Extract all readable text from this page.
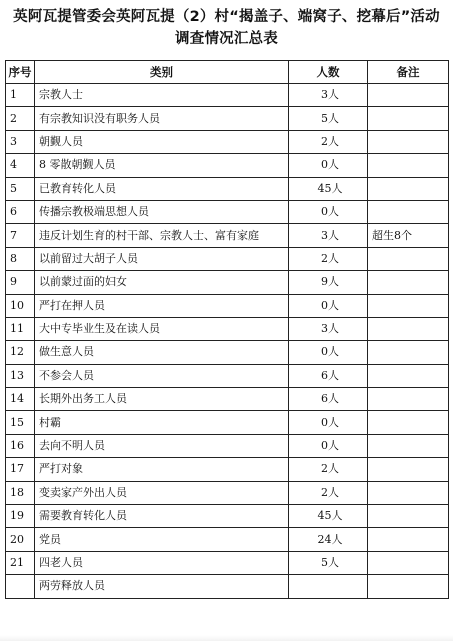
英阿瓦提管委会英阿瓦提（2）村“揭盖子、端窝子、挖幕后”活动调查情况汇总表
序号	类别	人数	备注
1	宗教人士	3人	
2	有宗教知识没有职务人员	5人	
3	朝觐人员	2人	
4	8 零散朝觐人员	0人	
5	已教育转化人员	45人	
6	传播宗教极端思想人员	0人	
7	违反计划生育的村干部、宗教人士、富有家庭	3人	超生8个
8	以前留过大胡子人员	2人	
9	以前蒙过面的妇女	9人	
10	严打在押人员	0人	
11	大中专毕业生及在读人员	3人	
12	做生意人员	0人	
13	不参会人员	6人	
14	长期外出务工人员	6人	
15	村霸	0人	
16	去向不明人员	0人	
17	严打对象	2人	
18	变卖家产外出人员	2人	
19	需要教育转化人员	45人	
20	党员	24人	
21	四老人员	5人	
	两劳释放人员		
